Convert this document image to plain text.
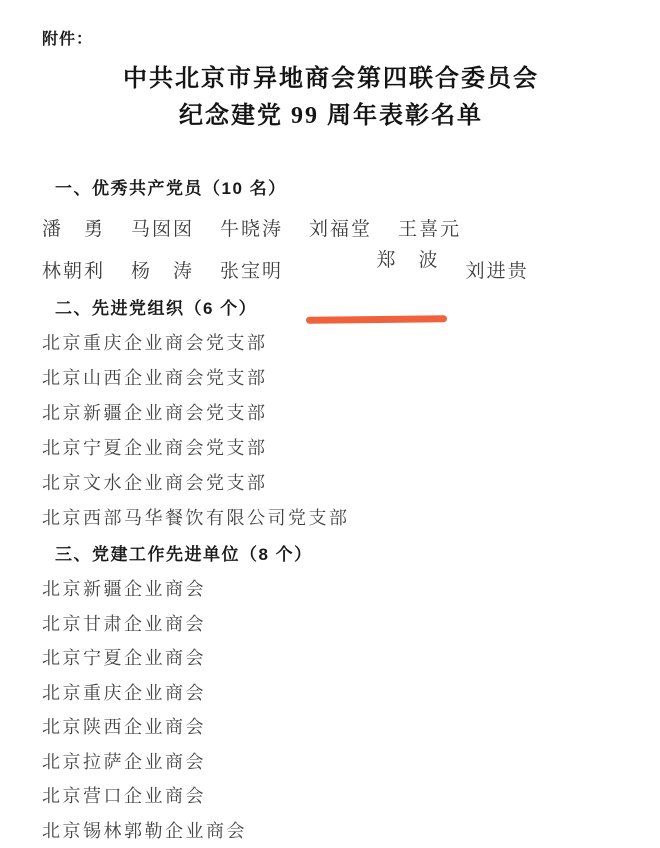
附件：
中共北京市异地商会第四联合委员会
纪念建党 99 周年表彰名单
一、优秀共产党员（10 名）
潘　勇 马囡囡 牛晓涛 刘福堂 王喜元
林朝利 杨　涛 张宝明

郑　波

刘进贵
二、先进党组织（6 个）
北京重庆企业商会党支部
北京山西企业商会党支部
北京新疆企业商会党支部
北京宁夏企业商会党支部
北京文水企业商会党支部
北京西部马华餐饮有限公司党支部
三、党建工作先进单位（8 个）
北京新疆企业商会
北京甘肃企业商会
北京宁夏企业商会
北京重庆企业商会
北京陕西企业商会
北京拉萨企业商会
北京营口企业商会
北京锡林郭勒企业商会
